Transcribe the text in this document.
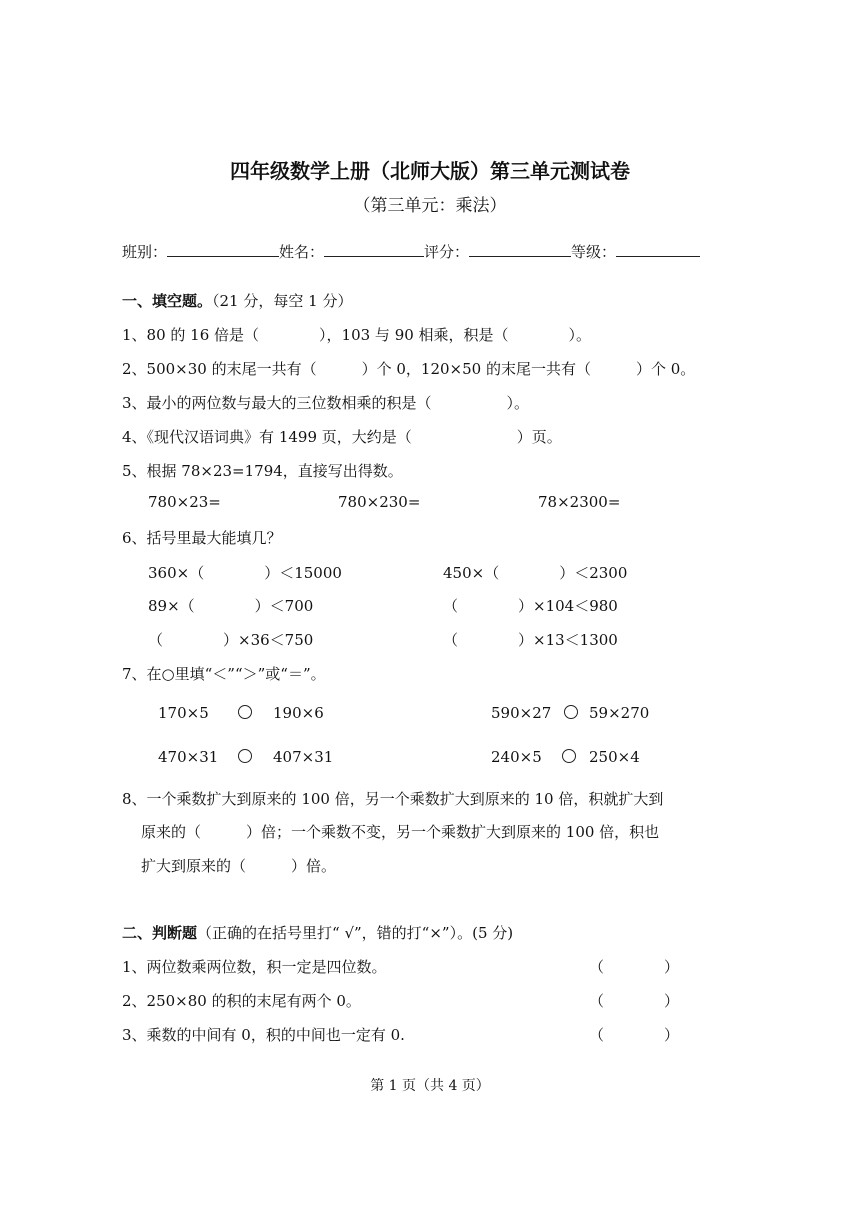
四年级数学上册（北师大版）第三单元测试卷
（第三单元：乘法）
班别：	姓名：	评分：	等级：
一、填空题。（21 分，每空 1 分）
1、80 的 16 倍是（　　　　），103 与 90 相乘，积是（　　　　）。
2、500×30 的末尾一共有（　　　）个 0，120×50 的末尾一共有（　　　）个 0。
3、最小的两位数与最大的三位数相乘的积是（　　　　　）。
4、《现代汉语词典》有 1499 页，大约是（　　　　　　　）页。
5、根据 78×23=1794，直接写出得数。
780×23=	780×230=	78×2300=
6、括号里最大能填几？
360×（　　　　）＜15000	450×（　　　　）＜2300
89×（　　　　）＜700	（　　　　）×104＜980
（　　　　）×36＜750	（　　　　）×13＜1300
7、在○里填“＜”“＞”或“＝”。
170×5	190×6	590×27	59×270
470×31	407×31	240×5	250×4
8、一个乘数扩大到原来的 100 倍，另一个乘数扩大到原来的 10 倍，积就扩大到
原来的（　　　）倍；一个乘数不变，另一个乘数扩大到原来的 100 倍，积也
扩大到原来的（　　　）倍。
二、判断题（正确的在括号里打“ √”，错的打“×”）。(5 分)
1、两位数乘两位数，积一定是四位数。	（　　　　）
2、250×80 的积的末尾有两个 0。	（　　　　）
3、乘数的中间有 0，积的中间也一定有 0.	（　　　　）
第 1 页（共 4 页）
